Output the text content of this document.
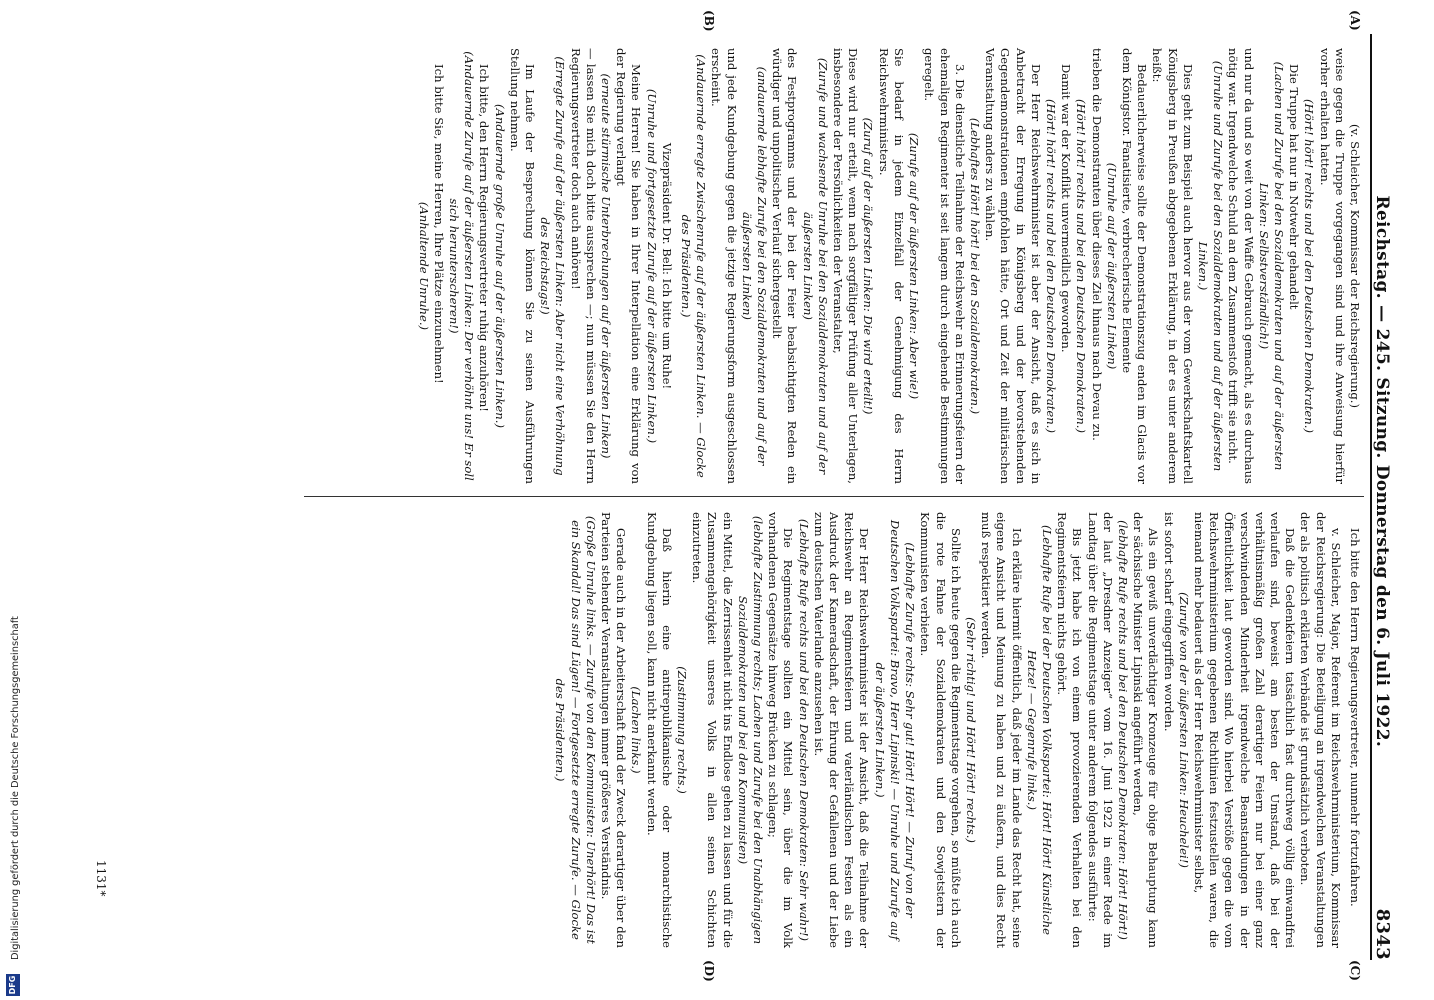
Reichstag. — 245. Sitzung. Donnerstag den 6. Juli 1922.
8343
(A)
(B)
(C)
(D)

(v. Schleicher, Kommissar der Reichsregierung.)

weise gegen die Truppe vorgegangen sind und ihre Anweisung hierfür vorher erhalten hatten.

(Hört! hört! rechts und bei den Deutschen Demokraten.)

Die Truppe hat nur in Notwehr gehandelt

(Lachen und Zurufe bei den Sozialdemokraten und auf der äußersten Linken: Selbstverständlich!)

und nur da und so weit von der Waffe Gebrauch gemacht, als es durchaus nötig war. Irgendwelche Schuld an dem Zusammenstoß trifft sie nicht.

(Unruhe und Zurufe bei den Sozialdemokraten und auf der äußersten Linken.)

Dies geht zum Beispiel auch hervor aus der vom Gewerkschaftskartell Königsberg in Preußen abgegebenen Erklärung, in der es unter anderem heißt:

Bedauerlicherweise sollte der Demonstrationszug enden im Glacis vor dem Königstor. Fanatisierte, verbrecherische Elemente

(Unruhe auf der äußersten Linken)

trieben die Demonstranten über dieses Ziel hinaus nach Devau zu.

(Hört! hört! rechts und bei den Deutschen Demokraten.)

Damit war der Konflikt unvermeidlich geworden.

(Hört! hört! rechts und bei den Deutschen Demokraten.)

Der Herr Reichswehrminister ist aber der Ansicht, daß es sich in Anbetracht der Erregung in Königsberg und der bevorstehenden Gegendemonstrationen empfohlen hätte, Ort und Zeit der militärischen Veranstaltung anders zu wählen.

(Lebhaftes Hört! hört! bei den Sozialdemokraten.)

3. Die dienstliche Teilnahme der Reichswehr an Erinnerungsfeiern der ehemaligen Regimenter ist seit langem durch eingehende Bestimmungen geregelt.

(Zurufe auf der äußersten Linken: Aber wie!)

Sie bedarf in jedem Einzelfall der Genehmigung des Herrn Reichswehrministers.

(Zuruf auf der äußersten Linken: Die wird erteilt!)

Diese wird nur erteilt, wenn nach sorgfältiger Prüfung aller Unterlagen, insbesondere der Persönlichkeiten der Veranstalter,

(Zurufe und wachsende Unruhe bei den Sozialdemokraten und auf der äußersten Linken)

des Festprogramms und der bei der Feier beabsichtigten Reden ein würdiger und unpolitischer Verlauf sichergestellt

(andauernde lebhafte Zurufe bei den Sozialdemokraten und auf der äußersten Linken)

und jede Kundgebung gegen die jetzige Regierungsform ausgeschlossen erscheint.

(Andauernde erregte Zwischenrufe auf der äußersten Linken. — Glocke des Präsidenten.)

Vizepräsident Dr. Bell: Ich bitte um Ruhe!

(Unruhe und fortgesetzte Zurufe auf der äußersten Linken.)

Meine Herren! Sie haben in Ihrer Interpellation eine Erklärung von der Regierung verlangt

(erneute stürmische Unterbrechungen auf der äußersten Linken)

— lassen Sie mich doch bitte aussprechen —; nun müssen Sie den Herrn Regierungsvertreter doch auch anhören!

(Erregte Zurufe auf der äußersten Linken: Aber nicht eine Verhöhnung des Reichstags!)

Im Laufe der Besprechung können Sie zu seinen Ausführungen Stellung nehmen.

(Andauernde große Unruhe auf der äußersten Linken.)

Ich bitte, den Herrn Regierungsvertreter ruhig anzuhören!

(Andauernde Zurufe auf der äußersten Linken: Der verhöhnt uns! Er soll sich herunterscheren!)

Ich bitte Sie, meine Herren, Ihre Plätze einzunehmen!

(Anhaltende Unruhe.)

Ich bitte den Herrn Regierungsvertreter, nunmehr fortzufahren.

v. Schleicher, Major, Referent im Reichswehrministerium, Kommissar der Reichsregierung: Die Beteiligung an irgendwelchen Veranstaltungen der als politisch erklärten Verbände ist grundsätzlich verboten.

Daß die Gedenkfeiern tatsächlich fast durchweg völlig einwandfrei verlaufen sind, beweist am besten der Umstand, daß bei der verhältnismäßig großen Zahl derartiger Feiern nur bei einer ganz verschwindenden Minderheit irgendwelche Beanstandungen in der Öffentlichkeit laut geworden sind. Wo hierbei Verstöße gegen die vom Reichswehrministerium gegebenen Richtlinien festzustellen waren, die niemand mehr bedauert als der Herr Reichswehrminister selbst,

(Zurufe von der äußersten Linken: Heuchelei!)

ist sofort scharf eingegriffen worden.

Als ein gewiß unverdächtiger Kronzeuge für obige Behauptung kann der sächsische Minister Lipinski angeführt werden,

(lebhafte Rufe rechts und bei den Deutschen Demokraten: Hört! Hört!)

der laut „Dresdner Anzeiger“ vom 16. Juni 1922 in einer Rede im Landtag über die Regimentstage unter anderem folgendes ausführte:

Bis jetzt habe ich von einem provozierenden Verhalten bei den Regimentsfeiern nichts gehört.

(Lebhafte Rufe bei der Deutschen Volkspartei: Hört! Hört! Künstliche Hetze! — Gegenrufe links.)

Ich erkläre hiermit öffentlich, daß jeder im Lande das Recht hat, seine eigene Ansicht und Meinung zu haben und zu äußern, und dies Recht muß respektiert werden.

(Sehr richtig! und Hört! Hört! rechts.)

Sollte ich heute gegen die Regimentstage vorgehen, so müßte ich auch die rote Fahne der Sozialdemokraten und den Sowjetstern der Kommunisten verbieten.

(Lebhafte Zurufe rechts: Sehr gut! Hört! Hört! — Zuruf von der Deutschen Volkspartei: Bravo, Herr Lipinski! — Unruhe und Zurufe auf der äußersten Linken.)

Der Herr Reichswehrminister ist der Ansicht, daß die Teilnahme der Reichswehr an Regimentsfeiern und vaterländischen Festen als ein Ausdruck der Kameradschaft, der Ehrung der Gefallenen und der Liebe zum deutschen Vaterlande anzusehen ist.

(Lebhafte Rufe rechts und bei den Deutschen Demokraten: Sehr wahr!)

Die Regimentstage sollten ein Mittel sein, über die im Volk vorhandenen Gegensätze hinweg Brücken zu schlagen;

(lebhafte Zustimmung rechts; Lachen und Zurufe bei den Unabhängigen Sozialdemokraten und bei den Kommunisten)

ein Mittel, die Zerrissenheit nicht ins Endlose gehen zu lassen und für die Zusammengehörigkeit unseres Volks in allen seinen Schichten einzutreten.

(Zustimmung rechts.)

Daß hierin eine antirepublikanische oder monarchistische Kundgebung liegen soll, kann nicht anerkannt werden.

(Lachen links.)

Gerade auch in der Arbeiterschaft fand der Zweck derartiger über den Parteien stehender Veranstaltungen immer größeres Verständnis.

(Große Unruhe links. — Zurufe von den Kommunisten: Unerhört! Das ist ein Skandal! Das sind Lügen! — Fortgesetzte erregte Zurufe. — Glocke des Präsidenten.)

1131*
DFG
Digitalisierung gefördert durch die Deutsche Forschungsgemeinschaft
